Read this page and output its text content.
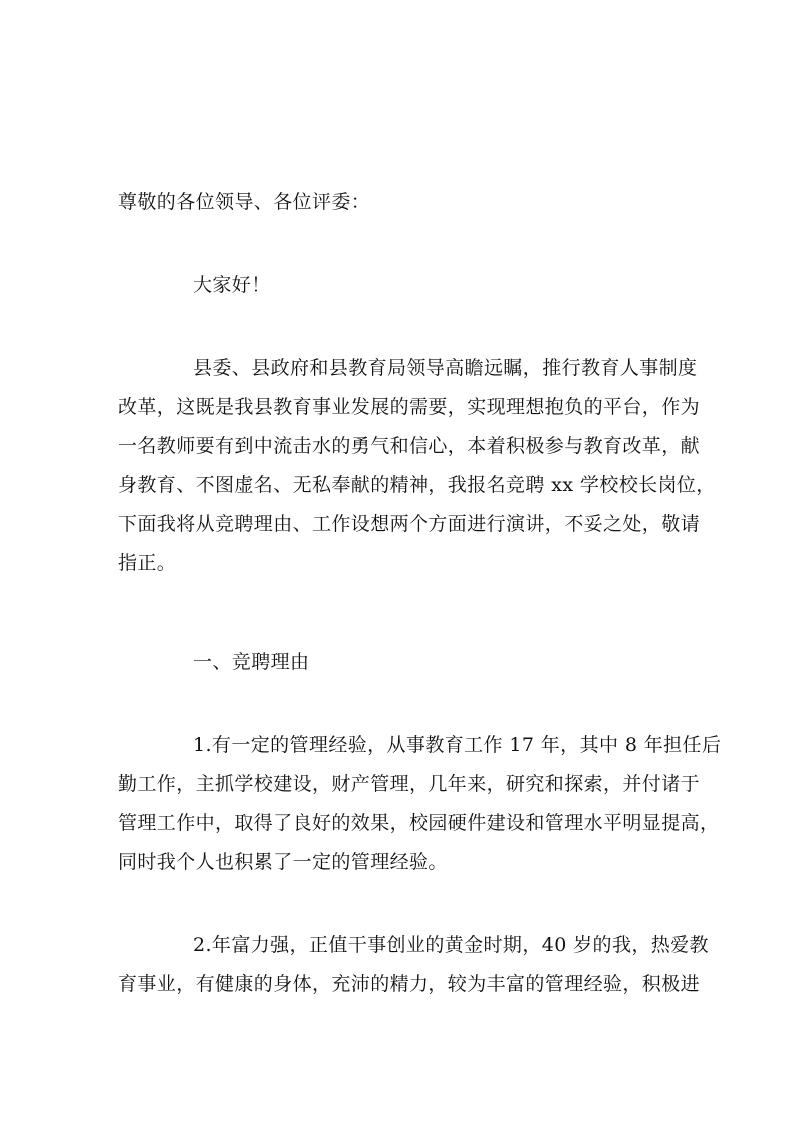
尊敬的各位领导、各位评委：
大家好！
县委、县政府和县教育局领导高瞻远瞩，推行教育人事制度
改革，这既是我县教育事业发展的需要，实现理想抱负的平台，作为
一名教师要有到中流击水的勇气和信心，本着积极参与教育改革，献
身教育、不图虚名、无私奉献的精神，我报名竞聘 xx 学校校长岗位，
下面我将从竞聘理由、工作设想两个方面进行演讲，不妥之处，敬请
指正。
一、竞聘理由
1.有一定的管理经验，从事教育工作 17 年，其中 8 年担任后
勤工作，主抓学校建设，财产管理，几年来，研究和探索，并付诸于
管理工作中，取得了良好的效果，校园硬件建设和管理水平明显提高，
同时我个人也积累了一定的管理经验。
2.年富力强，正值干事创业的黄金时期，40 岁的我，热爱教
育事业，有健康的身体，充沛的精力，较为丰富的管理经验，积极进
